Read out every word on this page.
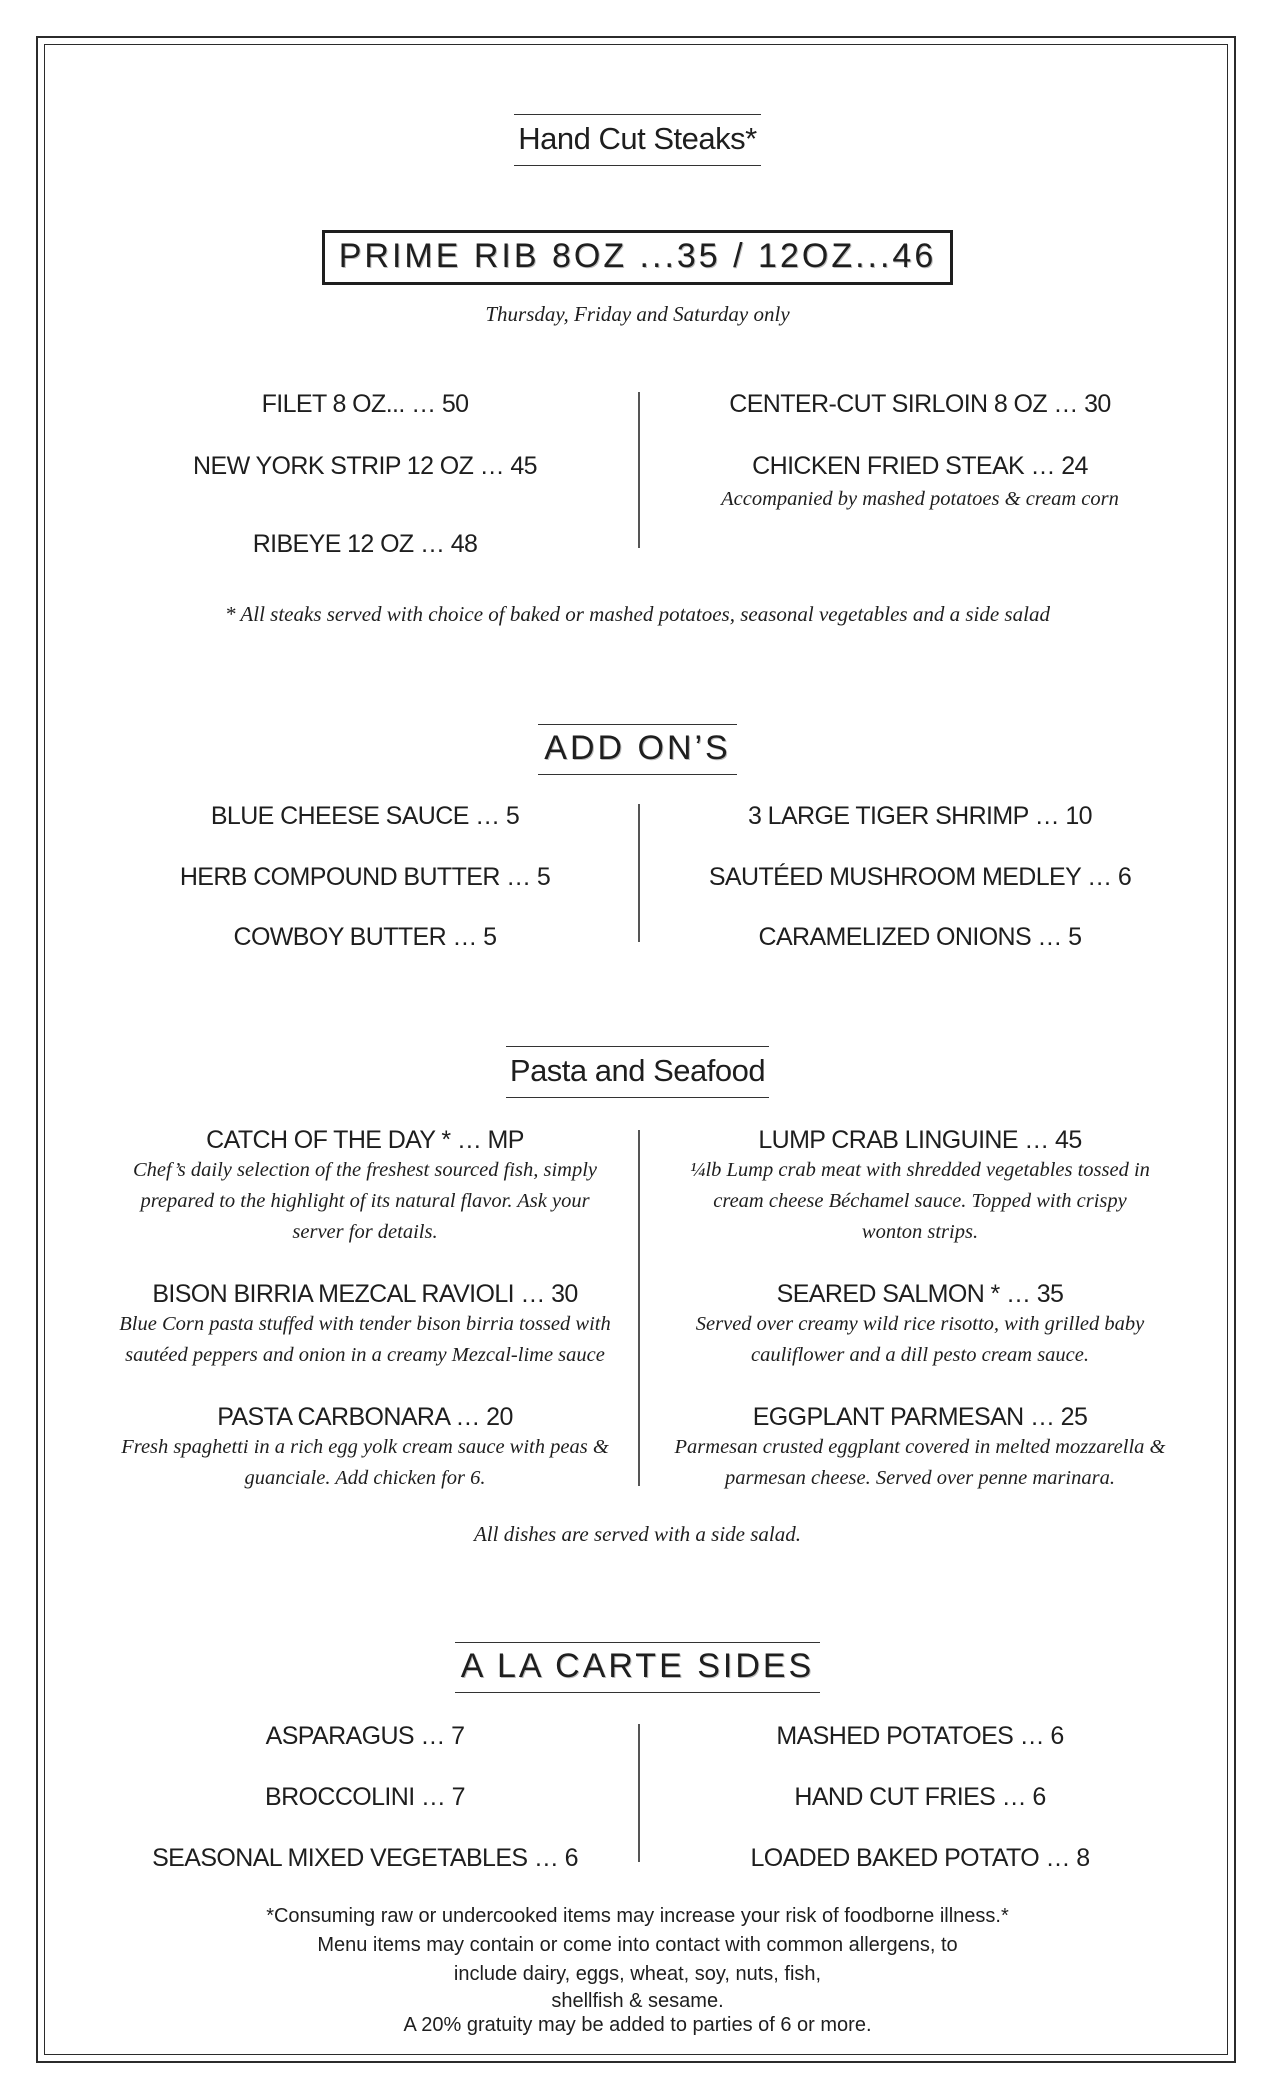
Hand Cut Steaks*
PRIME RIB 8OZ ...35 / 12OZ...46
Thursday, Friday and Saturday only
FILET 8 OZ... … 50
NEW YORK STRIP 12 OZ … 45
RIBEYE 12 OZ … 48
CENTER-CUT SIRLOIN 8 OZ … 30
CHICKEN FRIED STEAK … 24
Accompanied by mashed potatoes & cream corn
* All steaks served with choice of baked or mashed potatoes, seasonal vegetables and a side salad
ADD ON’S
BLUE CHEESE SAUCE … 5
HERB COMPOUND BUTTER … 5
COWBOY BUTTER … 5
3 LARGE TIGER SHRIMP … 10
SAUTÉED MUSHROOM MEDLEY … 6
CARAMELIZED ONIONS … 5
Pasta and Seafood
CATCH OF THE DAY * … MP
Chef’s daily selection of the freshest sourced fish, simply prepared to the highlight of its natural flavor. Ask your server for details.
LUMP CRAB LINGUINE … 45
¼lb Lump crab meat with shredded vegetables tossed in cream cheese Béchamel sauce. Topped with crispy wonton strips.
BISON BIRRIA MEZCAL RAVIOLI … 30
Blue Corn pasta stuffed with tender bison birria tossed with sautéed peppers and onion in a creamy Mezcal-lime sauce
SEARED SALMON * … 35
Served over creamy wild rice risotto, with grilled baby cauliflower and a dill pesto cream sauce.
PASTA CARBONARA … 20
Fresh spaghetti in a rich egg yolk cream sauce with peas & guanciale. Add chicken for 6.
EGGPLANT PARMESAN … 25
Parmesan crusted eggplant covered in melted mozzarella & parmesan cheese. Served over penne marinara.
All dishes are served with a side salad.
A LA CARTE SIDES
ASPARAGUS … 7
BROCCOLINI … 7
SEASONAL MIXED VEGETABLES … 6
MASHED POTATOES … 6
HAND CUT FRIES … 6
LOADED BAKED POTATO … 8
*Consuming raw or undercooked items may increase your risk of foodborne illness.*
Menu items may contain or come into contact with common allergens, to
include dairy, eggs, wheat, soy, nuts, fish,
shellfish & sesame.
A 20% gratuity may be added to parties of 6 or more.
